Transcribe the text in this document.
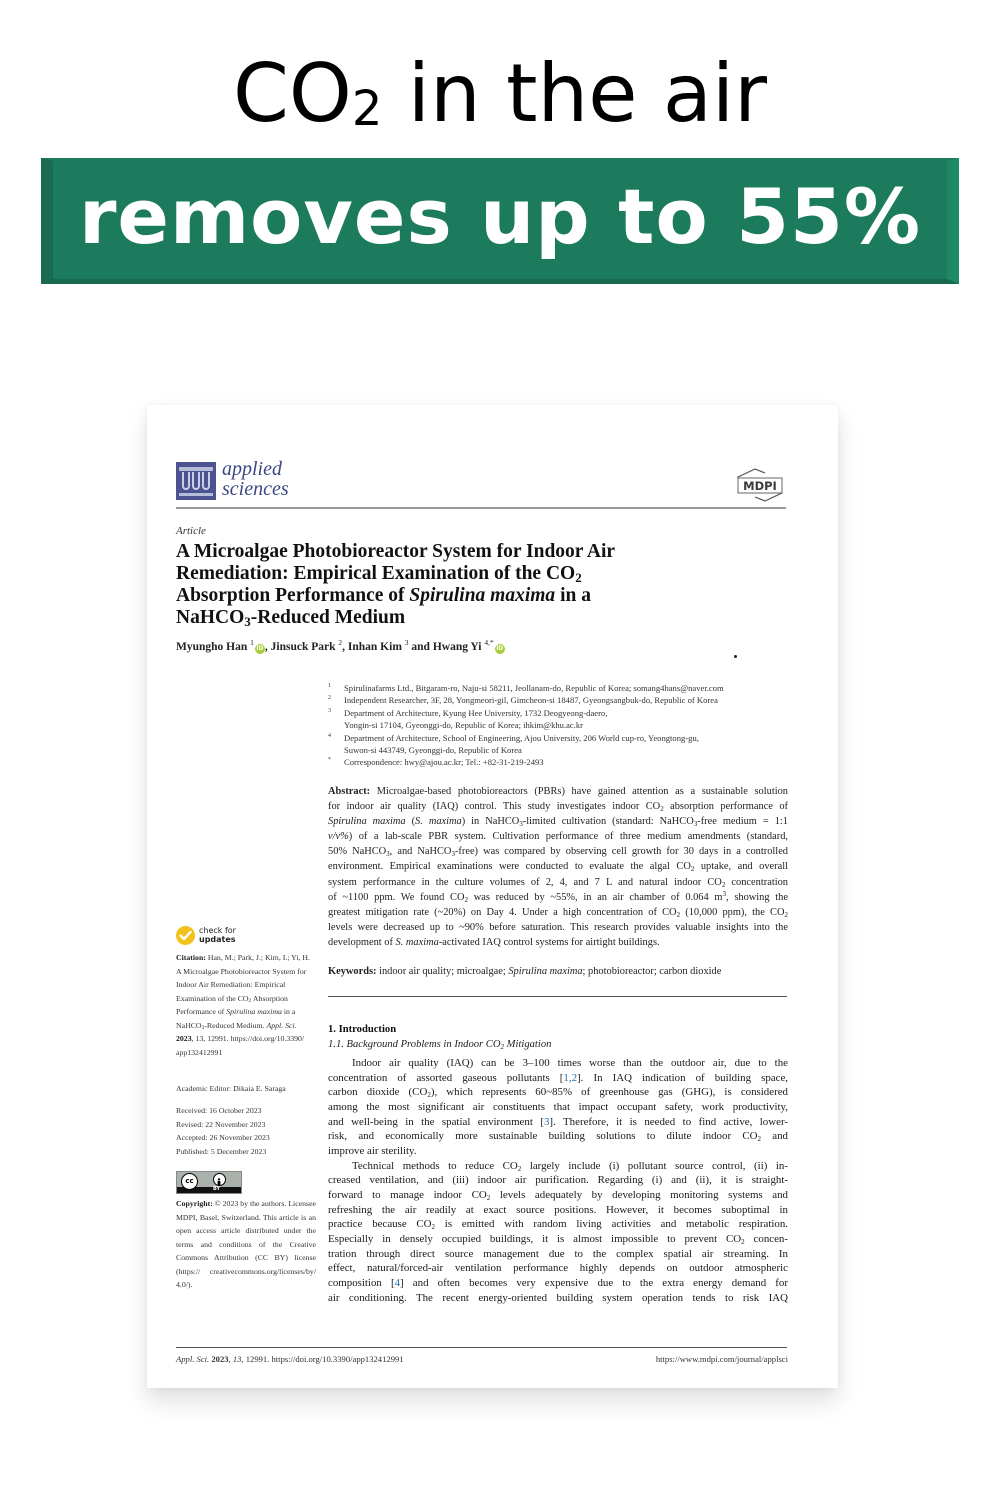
CO2 in the air
removes up to 55%
applied
sciences	MDPI
Article
A Microalgae Photobioreactor System for Indoor Air
Remediation: Empirical Examination of the $CO_2$
Absorption Performance of Spirulina maxima in a
NaHCO$_3$-Reduced Medium
Myungho Han $^1$iD, Jinsuck Park $^2$, Inhan Kim $^3$ and Hwang Yi $^{4,*}$iD
1 Spirulinafarms Ltd., Bitgaram-ro, Naju-si 58211, Jeollanam-do, Republic of Korea; somang4hans@naver.com
2 Independent Researcher, 3F, 28, Yongmeori-gil, Gimcheon-si 18487, Gyeongsangbuk-do, Republic of Korea
3 Department of Architecture, Kyung Hee University, 1732 Deogyeong-daero,
Yongin-si 17104, Gyeonggi-do, Republic of Korea; ihkim@khu.ac.kr
4 Department of Architecture, School of Engineering, Ajou University, 206 World cup-ro, Yeongtong-gu,
Suwon-si 443749, Gyeonggi-do, Republic of Korea
* Correspondence: hwy@ajou.ac.kr; Tel.: +82-31-219-2493
Abstract: Microalgae-based photobioreactors (PBRs) have gained attention as a sustainable solution
for indoor air quality (IAQ) control. This study investigates indoor $CO_2$ absorption performance of
Spirulina maxima (S. maxima) in NaHCO$_3$-limited cultivation (standard: NaHCO$_3$-free medium = 1:1
v/v%) of a lab-scale PBR system. Cultivation performance of three medium amendments (standard,
50% NaHCO$_3$, and NaHCO$_3$-free) was compared by observing cell growth for 30 days in a controlled
environment. Empirical examinations were conducted to evaluate the algal $CO_2$ uptake, and overall
system performance in the culture volumes of 2, 4, and 7 L and natural indoor $CO_2$ concentration
of ~1100 ppm. We found $CO_2$ was reduced by ~55%, in an air chamber of 0.064 $m^3$, showing the
greatest mitigation rate (~20%) on Day 4. Under a high concentration of $CO_2$ (10,000 ppm), the $CO_2$
levels were decreased up to ~90% before saturation. This research provides valuable insights into the
development of S. maxima-activated IAQ control systems for airtight buildings.
Keywords: indoor air quality; microalgae; Spirulina maxima; photobioreactor; carbon dioxide
1. Introduction
1.1. Background Problems in Indoor $CO_2$ Mitigation
Indoor air quality (IAQ) can be 3–100 times worse than the outdoor air, due to the
concentration of assorted gaseous pollutants [1,2]. In IAQ indication of building space,
carbon dioxide $(CO_2)$, which represents 60~85% of greenhouse gas (GHG), is considered
among the most significant air constituents that impact occupant safety, work productivity,
and well-being in the spatial environment [3]. Therefore, it is needed to find active, lower-
risk, and economically more sustainable building solutions to dilute indoor $CO_2$ and
improve air sterility.
Technical methods to reduce $CO_2$ largely include (i) pollutant source control, (ii) in-
creased ventilation, and (iii) indoor air purification. Regarding (i) and (ii), it is straight-
forward to manage indoor $CO_2$ levels adequately by developing monitoring systems and
refreshing the air readily at exact source positions. However, it becomes suboptimal in
practice because $CO_2$ is emitted with random living activities and metabolic respiration.
Especially in densely occupied buildings, it is almost impossible to prevent $CO_2$ concen-
tration through direct source management due to the complex spatial air streaming. In
effect, natural/forced-air ventilation performance highly depends on outdoor atmospheric
composition [4] and often becomes very expensive due to the extra energy demand for
air conditioning. The recent energy-oriented building system operation tends to risk IAQ
check for
updates
Citation: Han, M.; Park, J.; Kim, I.; Yi, H. A Microalgae Photobioreactor System for Indoor Air Remediation: Empirical Examination of the $CO_2$ Absorption Performance of Spirulina maxima in a NaHCO$_3$-Reduced Medium. Appl. Sci. 2023, 13, 12991. https://doi.org/10.3390/ app132412991
Academic Editor: Dikaia E. Saraga
Received: 16 October 2023
Revised: 22 November 2023
Accepted: 26 November 2023
Published: 5 December 2023
cc
BY
Copyright: © 2023 by the authors. Licensee MDPI, Basel, Switzerland. This article is an open access article distributed under the terms and conditions of the Creative Commons Attribution (CC BY) license (https:// creativecommons.org/licenses/by/ 4.0/).
Appl. Sci. 2023, 13, 12991. https://doi.org/10.3390/app132412991	https://www.mdpi.com/journal/applsci
